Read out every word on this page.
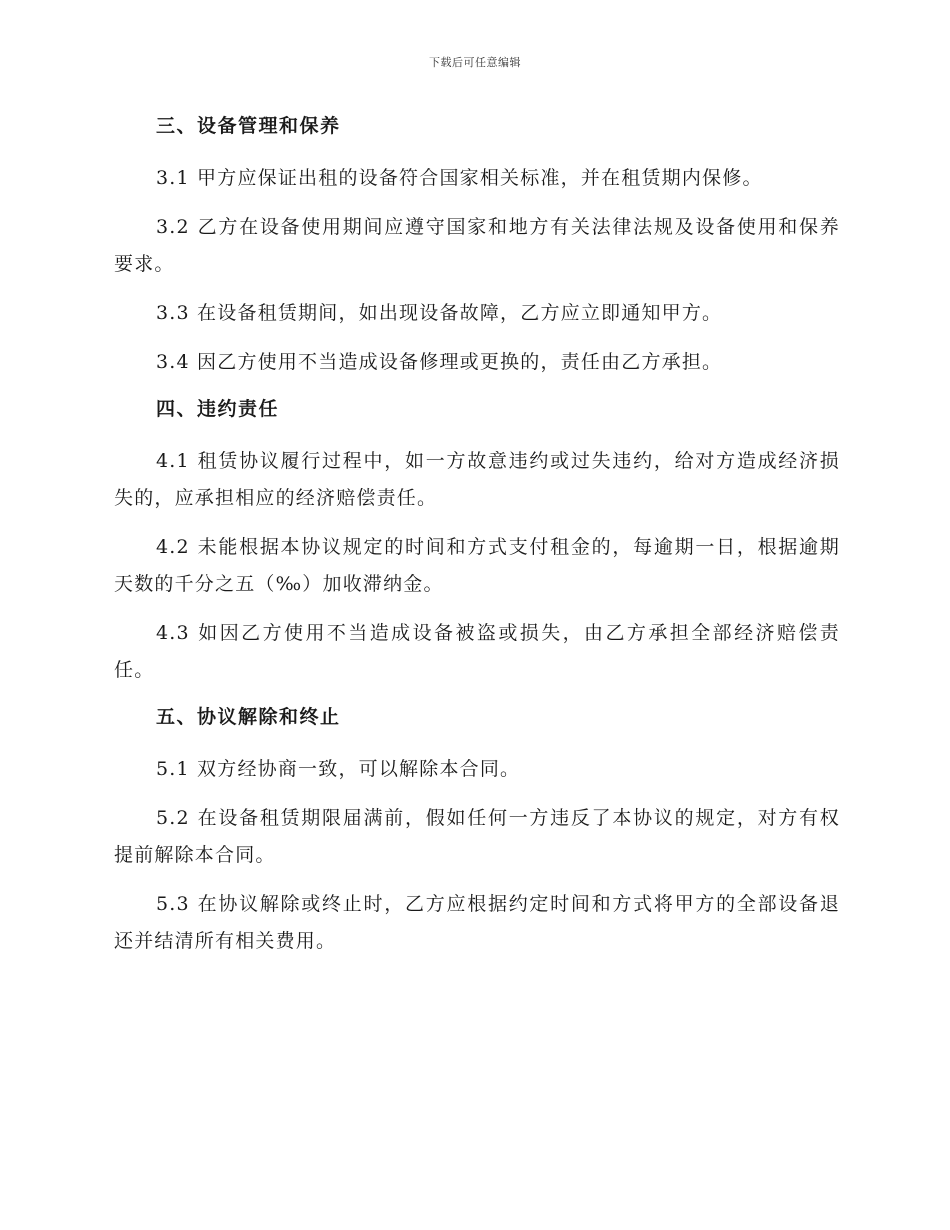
下载后可任意编辑
三、设备管理和保养

3.1 甲方应保证出租的设备符合国家相关标准，并在租赁期内保修。

3.2 乙方在设备使用期间应遵守国家和地方有关法律法规及设备使用和保养要求。

3.3 在设备租赁期间，如出现设备故障，乙方应立即通知甲方。

3.4 因乙方使用不当造成设备修理或更换的，责任由乙方承担。

四、违约责任

4.1 租赁协议履行过程中，如一方故意违约或过失违约，给对方造成经济损失的，应承担相应的经济赔偿责任。

4.2 未能根据本协议规定的时间和方式支付租金的，每逾期一日，根据逾期天数的千分之五（‰）加收滞纳金。

4.3 如因乙方使用不当造成设备被盗或损失，由乙方承担全部经济赔偿责任。

五、协议解除和终止

5.1 双方经协商一致，可以解除本合同。

5.2 在设备租赁期限届满前，假如任何一方违反了本协议的规定，对方有权提前解除本合同。

5.3 在协议解除或终止时，乙方应根据约定时间和方式将甲方的全部设备退还并结清所有相关费用。
